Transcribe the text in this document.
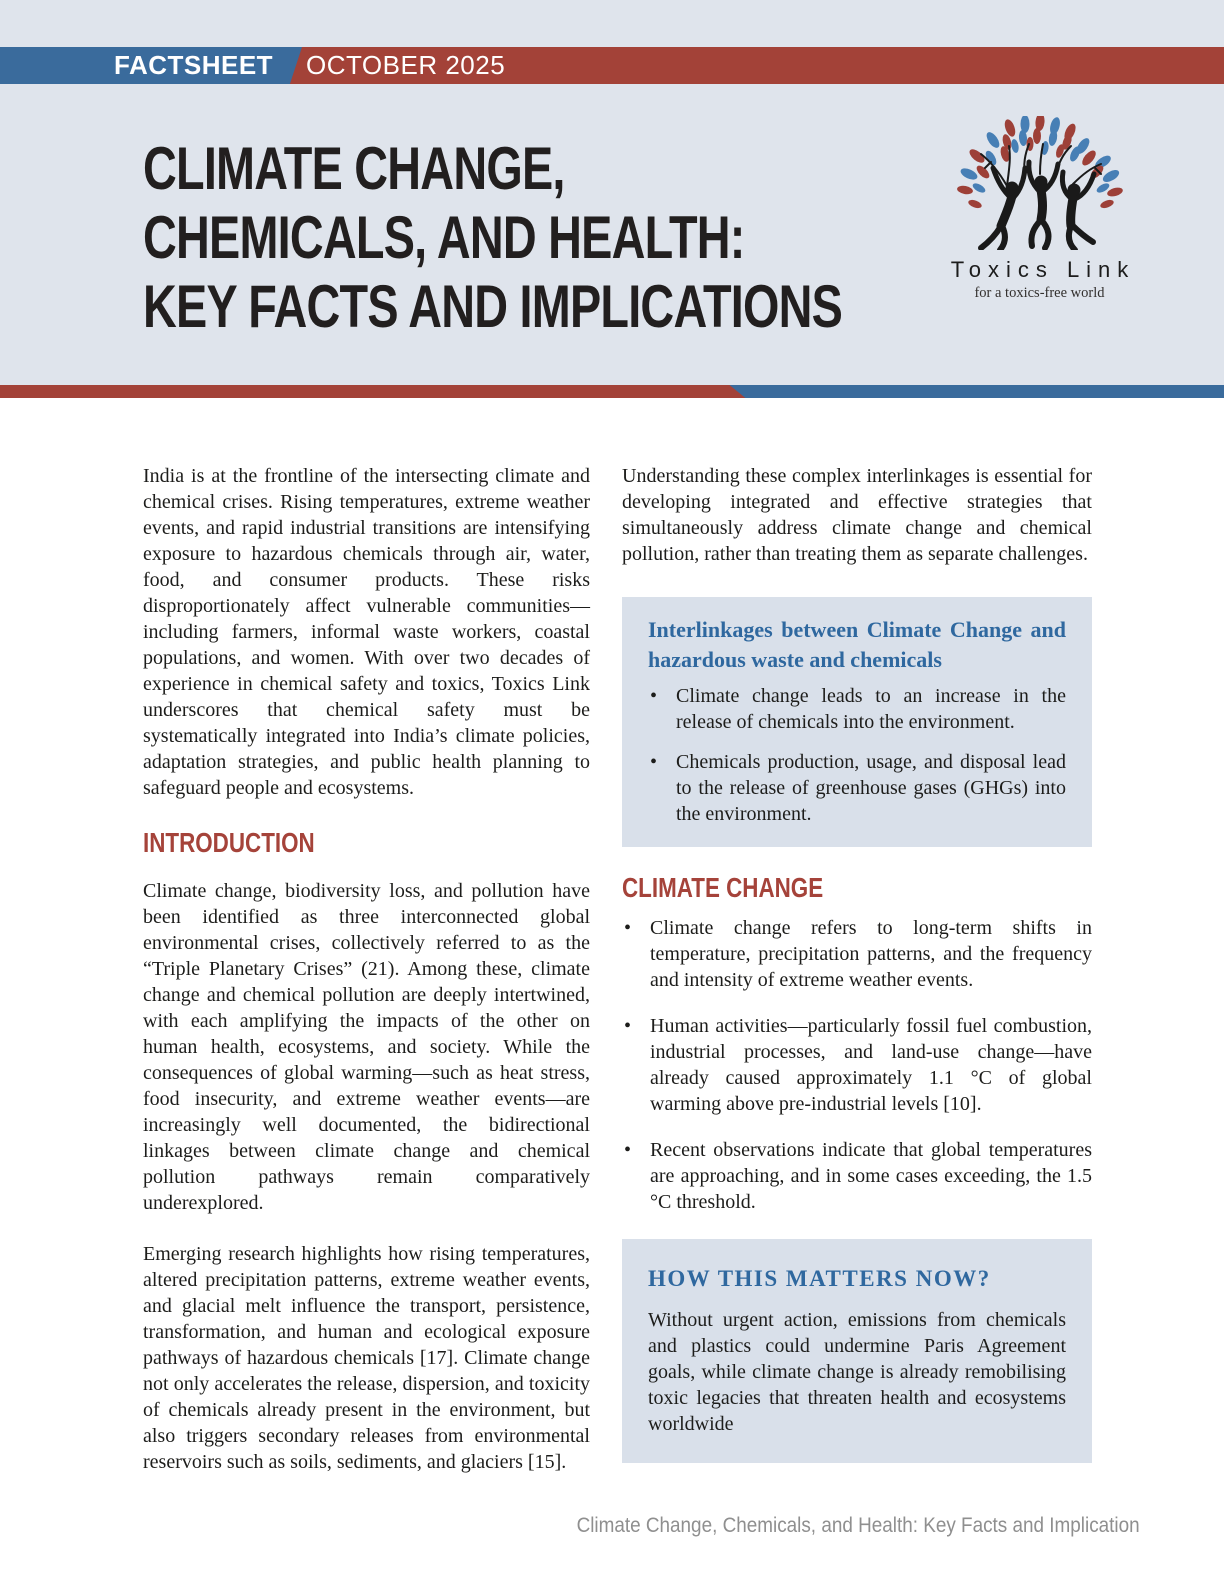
FACTSHEET OCTOBER 2025
CLIMATE CHANGE,
CHEMICALS, AND HEALTH:
KEY FACTS AND IMPLICATIONS
Toxics Link
for a toxics-free world

India is at the frontline of the intersecting climate and chemical crises. Rising temperatures, extreme weather events, and rapid industrial transitions are intensifying exposure to hazardous chemicals through air, water, food, and consumer products. These risks disproportionately affect vulnerable communities—including farmers, informal waste workers, coastal populations, and women. With over two decades of experience in chemical safety and toxics, Toxics Link underscores that chemical safety must be systematically integrated into India’s climate policies, adaptation strategies, and public health planning to safeguard people and ecosystems.

INTRODUCTION

Climate change, biodiversity loss, and pollution have been identified as three interconnected global environmental crises, collectively referred to as the “Triple Planetary Crises” (21). Among these, climate change and chemical pollution are deeply intertwined, with each amplifying the impacts of the other on human health, ecosystems, and society. While the consequences of global warming—such as heat stress, food insecurity, and extreme weather events—are increasingly well documented, the bidirectional linkages between climate change and chemical pollution pathways remain comparatively underexplored.

Emerging research highlights how rising temperatures, altered precipitation patterns, extreme weather events, and glacial melt influence the transport, persistence, transformation, and human and ecological exposure pathways of hazardous chemicals [17]. Climate change not only accelerates the release, dispersion, and toxicity of chemicals already present in the environment, but also triggers secondary releases from environmental reservoirs such as soils, sediments, and glaciers [15].

Understanding these complex interlinkages is essential for developing integrated and effective strategies that simultaneously address climate change and chemical pollution, rather than treating them as separate challenges.

Interlinkages between Climate Change and hazardous waste and chemicals
• Climate change leads to an increase in the release of chemicals into the environment.
• Chemicals production, usage, and disposal lead to the release of greenhouse gases (GHGs) into the environment.
CLIMATE CHANGE
• Climate change refers to long-term shifts in temperature, precipitation patterns, and the frequency and intensity of extreme weather events.
• Human activities—particularly fossil fuel combustion, industrial processes, and land-use change—have already caused approximately 1.1 °C of global warming above pre-industrial levels [10].
• Recent observations indicate that global temperatures are approaching, and in some cases exceeding, the 1.5 °C threshold.
HOW THIS MATTERS NOW?

Without urgent action, emissions from chemicals and plastics could undermine Paris Agreement goals, while climate change is already remobilising toxic legacies that threaten health and ecosystems worldwide

Climate Change, Chemicals, and Health: Key Facts and Implication
